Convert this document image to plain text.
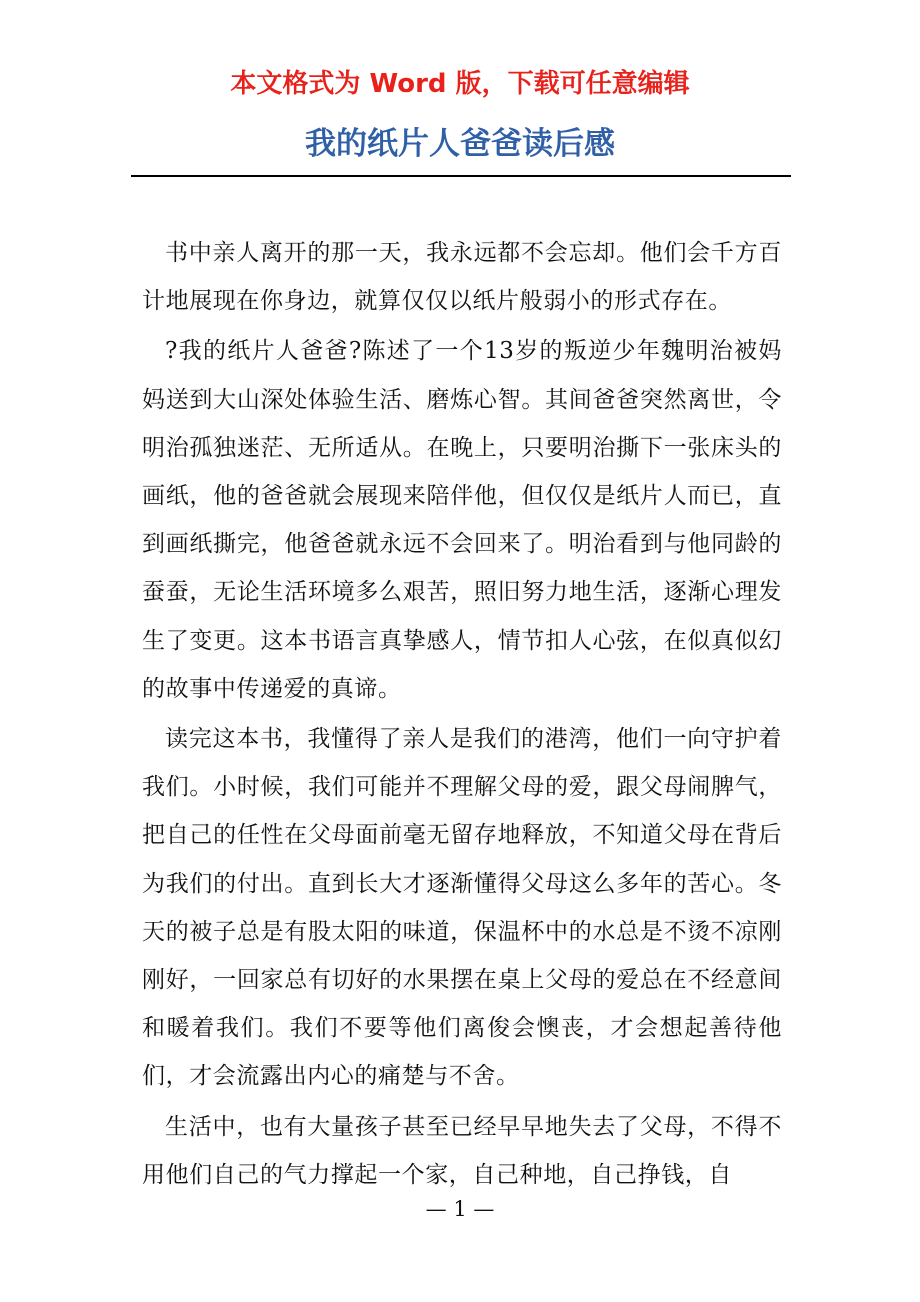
本文格式为 Word 版，下载可任意编辑
我的纸片人爸爸读后感

书中亲人离开的那一天，我永远都不会忘却。他们会千方百计地展现在你身边，就算仅仅以纸片般弱小的形式存在。

?我的纸片人爸爸?陈述了一个13岁的叛逆少年魏明治被妈妈送到大山深处体验生活、磨炼心智。其间爸爸突然离世，令明治孤独迷茫、无所适从。在晚上，只要明治撕下一张床头的画纸，他的爸爸就会展现来陪伴他，但仅仅是纸片人而已，直到画纸撕完，他爸爸就永远不会回来了。明治看到与他同龄的蚕蚕，无论生活环境多么艰苦，照旧努力地生活，逐渐心理发生了变更。这本书语言真挚感人，情节扣人心弦，在似真似幻的故事中传递爱的真谛。

读完这本书，我懂得了亲人是我们的港湾，他们一向守护着我们。小时候，我们可能并不理解父母的爱，跟父母闹脾气，把自己的任性在父母面前毫无留存地释放，不知道父母在背后为我们的付出。直到长大才逐渐懂得父母这么多年的苦心。冬天的被子总是有股太阳的味道，保温杯中的水总是不烫不凉刚刚好，一回家总有切好的水果摆在桌上父母的爱总在不经意间和暖着我们。我们不要等他们离俊会懊丧，才会想起善待他们，才会流露出内心的痛楚与不舍。

生活中，也有大量孩子甚至已经早早地失去了父母，不得不用他们自己的气力撑起一个家，自己种地，自己挣钱，自

— 1 —
